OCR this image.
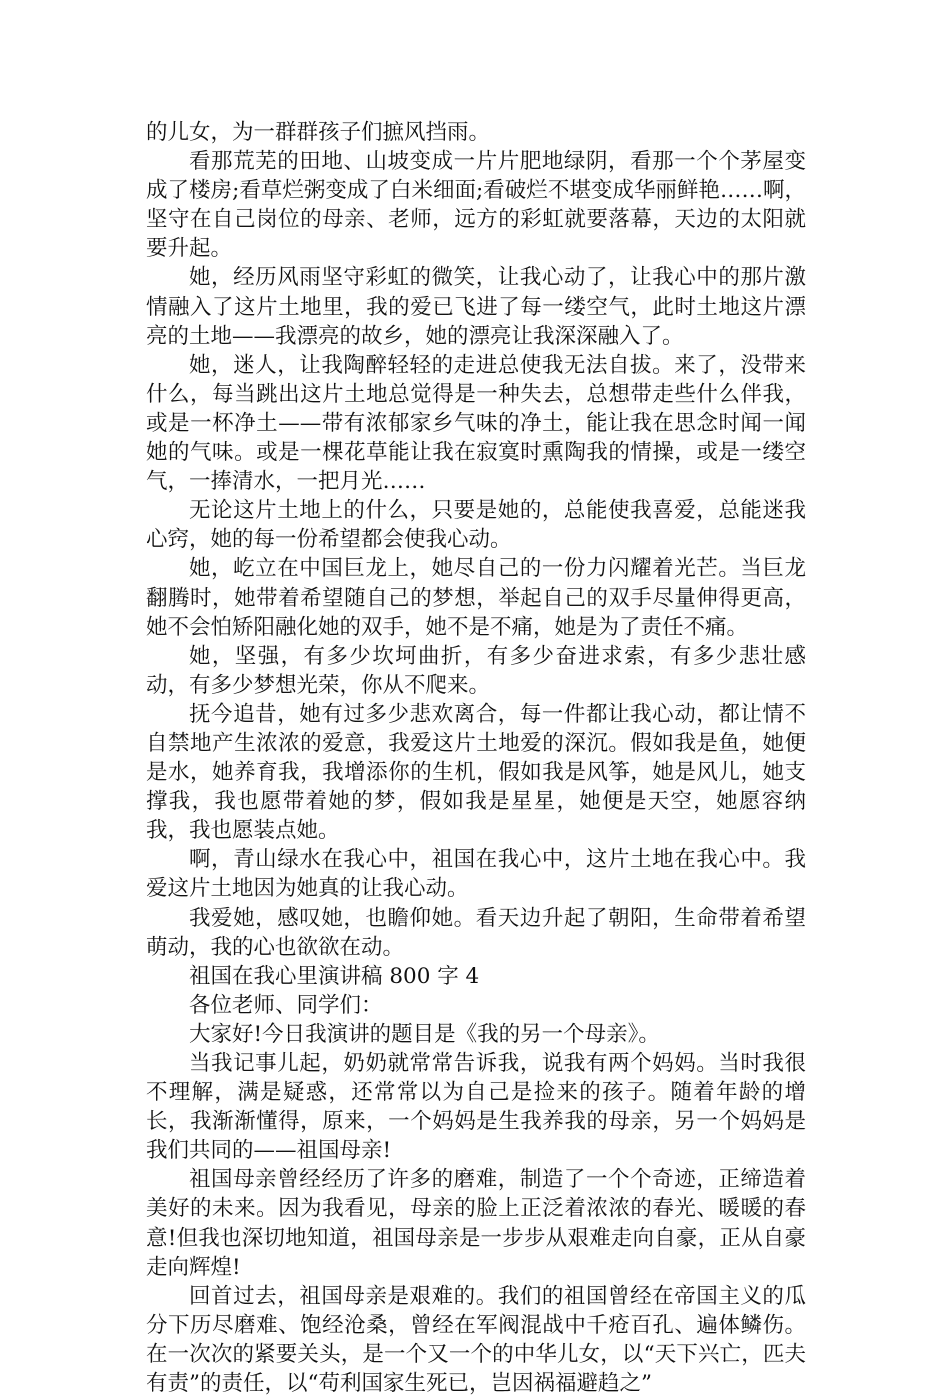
的儿女，为一群群孩子们摭风挡雨。

看那荒芜的田地、山坡变成一片片肥地绿阴，看那一个个茅屋变成了楼房;看草烂粥变成了白米细面;看破烂不堪变成华丽鲜艳……啊，坚守在自己岗位的母亲、老师，远方的彩虹就要落幕，天边的太阳就要升起。

她，经历风雨坚守彩虹的微笑，让我心动了，让我心中的那片激情融入了这片土地里，我的爱已飞进了每一缕空气，此时土地这片漂亮的土地——我漂亮的故乡，她的漂亮让我深深融入了。

她，迷人，让我陶醉轻轻的走进总使我无法自拔。来了，没带来什么，每当跳出这片土地总觉得是一种失去，总想带走些什么伴我，或是一杯净土——带有浓郁家乡气味的净土，能让我在思念时闻一闻她的气味。或是一棵花草能让我在寂寞时熏陶我的情操，或是一缕空气，一捧清水，一把月光……

无论这片土地上的什么，只要是她的，总能使我喜爱，总能迷我心窍，她的每一份希望都会使我心动。

她，屹立在中国巨龙上，她尽自己的一份力闪耀着光芒。当巨龙翻腾时，她带着希望随自己的梦想，举起自己的双手尽量伸得更高，她不会怕矫阳融化她的双手，她不是不痛，她是为了责任不痛。

她，坚强，有多少坎坷曲折，有多少奋进求索，有多少悲壮感动，有多少梦想光荣，你从不爬来。

抚今追昔，她有过多少悲欢离合，每一件都让我心动，都让情不自禁地产生浓浓的爱意，我爱这片土地爱的深沉。假如我是鱼，她便是水，她养育我，我增添你的生机，假如我是风筝，她是风儿，她支撑我，我也愿带着她的梦，假如我是星星，她便是天空，她愿容纳我，我也愿装点她。

啊，青山绿水在我心中，祖国在我心中，这片土地在我心中。我爱这片土地因为她真的让我心动。

我爱她，感叹她，也瞻仰她。看天边升起了朝阳，生命带着希望萌动，我的心也欲欲在动。

祖国在我心里演讲稿 800 字 4

各位老师、同学们：

大家好!今日我演讲的题目是《我的另一个母亲》。

当我记事儿起，奶奶就常常告诉我，说我有两个妈妈。当时我很不理解，满是疑惑，还常常以为自己是捡来的孩子。随着年龄的增长，我渐渐懂得，原来，一个妈妈是生我养我的母亲，另一个妈妈是我们共同的——祖国母亲!

祖国母亲曾经经历了许多的磨难，制造了一个个奇迹，正缔造着美好的未来。因为我看见，母亲的脸上正泛着浓浓的春光、暖暖的春意!但我也深切地知道，祖国母亲是一步步从艰难走向自豪，正从自豪走向辉煌!

回首过去，祖国母亲是艰难的。我们的祖国曾经在帝国主义的瓜分下历尽磨难、饱经沧桑，曾经在军阀混战中千疮百孔、遍体鳞伤。在一次次的紧要关头，是一个又一个的中华儿女，以“天下兴亡，匹夫有责”的责任，以“苟利国家生死已，岂因祸福避趋之”
